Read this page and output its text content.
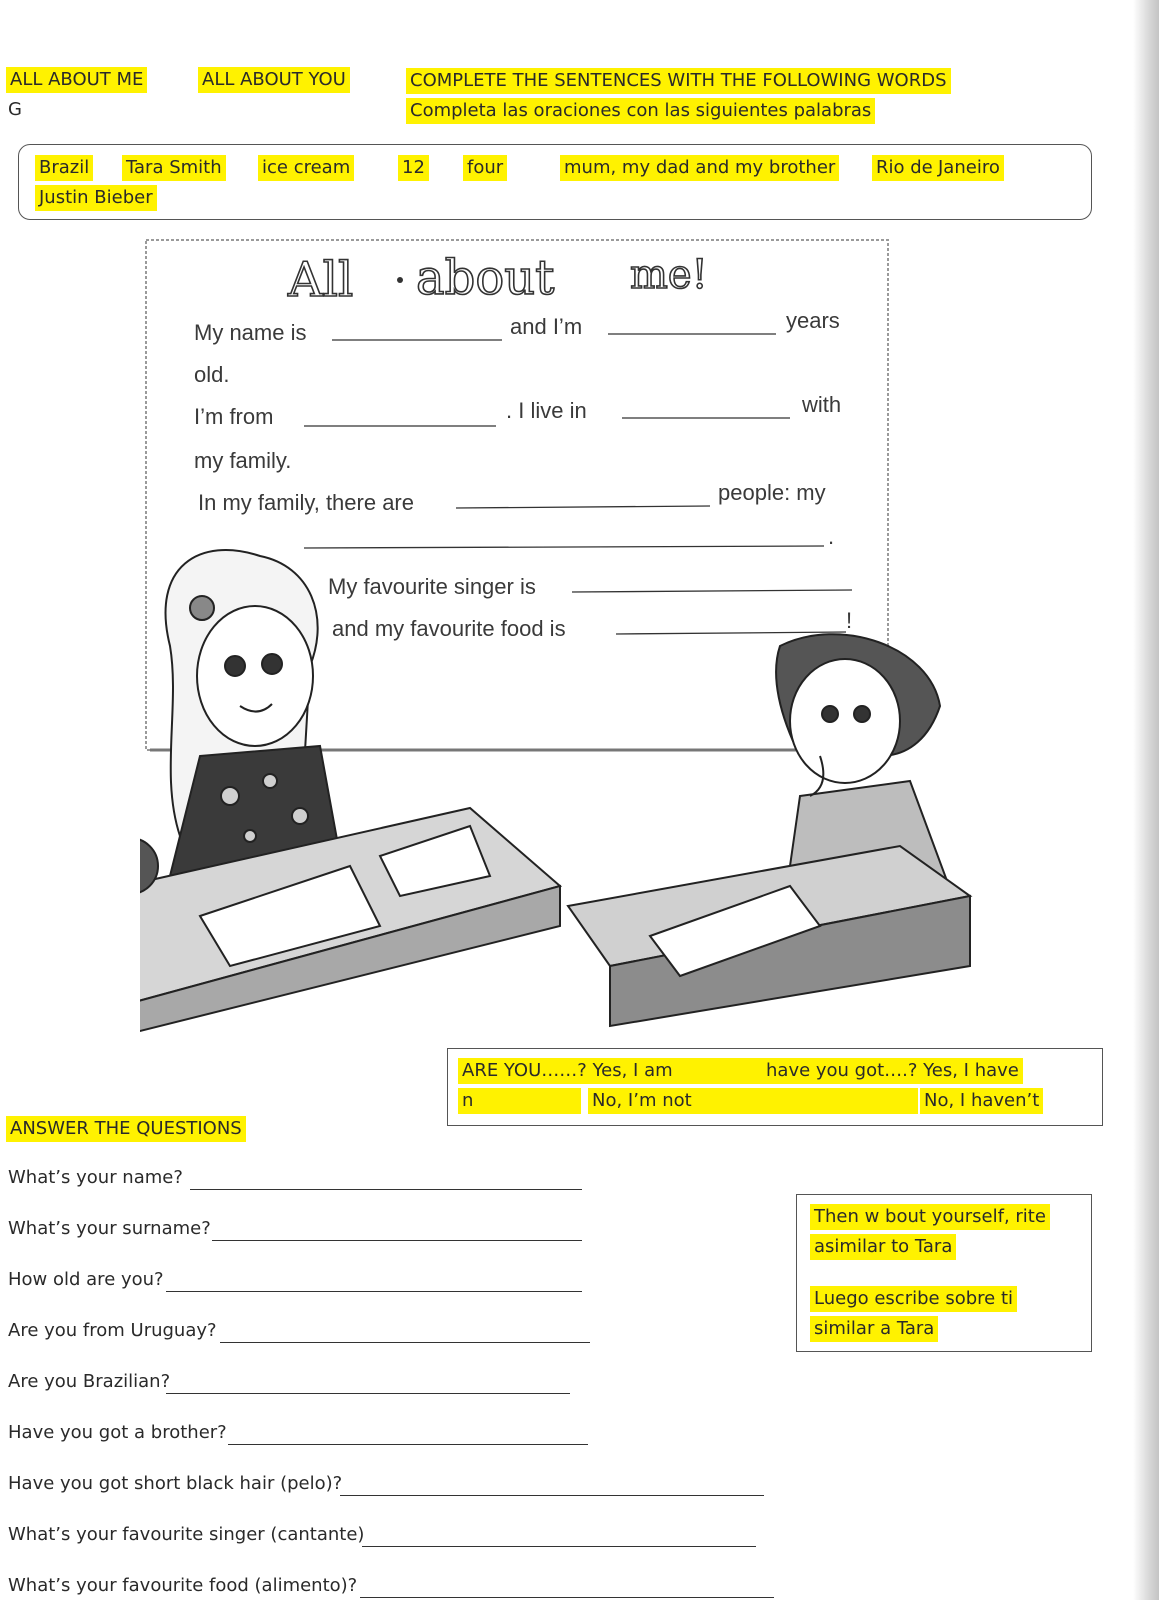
ALL ABOUT ME	ALL ABOUT YOU
G
COMPLETE THE SENTENCES WITH THE FOLLOWING WORDS
Completa las oraciones con las siguientes palabras
Brazil Tara Smith ice cream	12 four	mum, my dad and my brother Rio de Janeiro
Justin Bieber
All about me!
My name is	and I’m	years
old.
I’m from	. I live in	with
my family.
In my family, there are	people: my
.
My favourite singer is
and my favourite food is	!
ARE YOU……? Yes, I am	have you got….? Yes, I have
n	No, I’m not	No, I haven’t
ANSWER THE QUESTIONS
What’s your name?
What’s your surname?
How old are you?
Are you from Uruguay?
Are you Brazilian?
Have you got a brother?
Have you got short black hair (pelo)?
What’s your favourite singer (cantante)
What’s your favourite food (alimento)?
Then w bout yourself, rite
asimilar to Tara
Luego escribe sobre ti
similar a Tara
